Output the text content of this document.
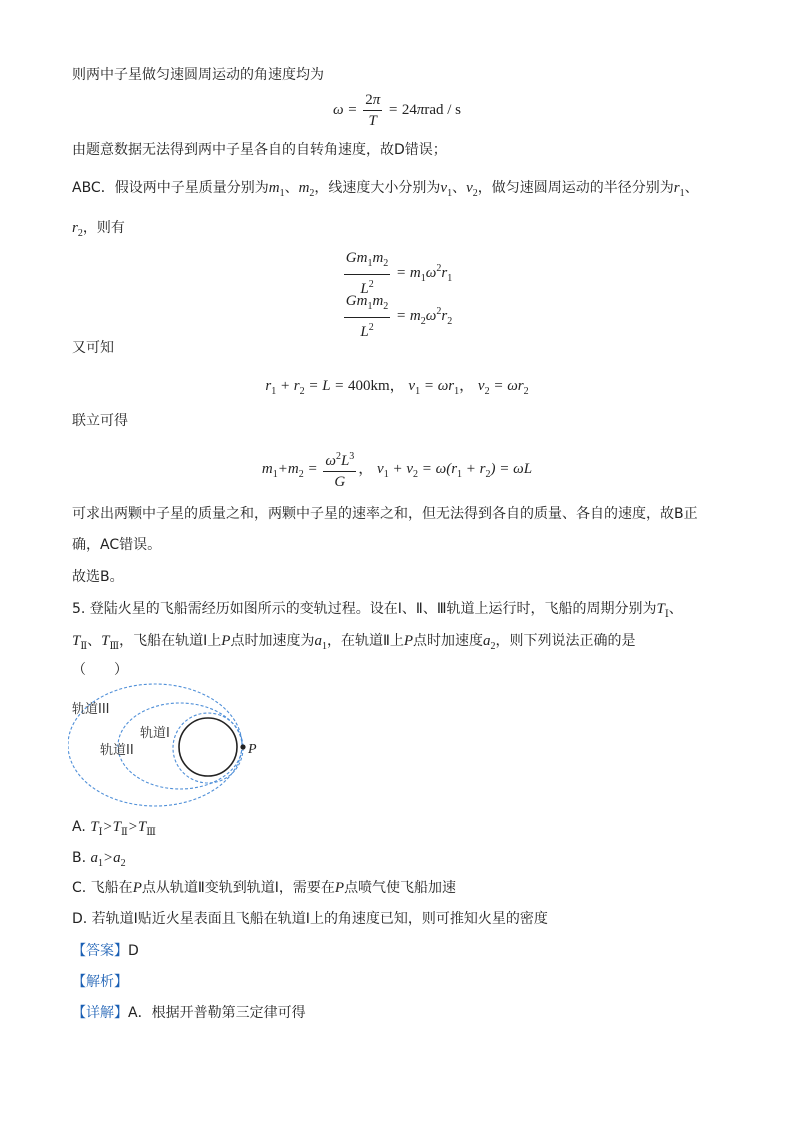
则两中子星做匀速圆周运动的角速度均为
$\omega = \frac{2\pi}{T} = 24\pi rad / s$
由题意数据无法得到两中子星各自的自转角速度，故D错误；
ABC．假设两中子星质量分别为$m_1$、$m_2$，线速度大小分别为$v_1$、$v_2$，做匀速圆周运动的半径分别为$r_1$、
$r_2$，则有
$\frac{Gm_1m_2}{L^2} = m_1\omega^2r_1$
$\frac{Gm_1m_2}{L^2} = m_2\omega^2r_2$
又可知
$r_1 + r_2 = L = 400km$， $v_1 = \omega r_1$， $v_2 = \omega r_2$
联立可得
$m_1+m_2 = \frac{\omega^2L^3}{G}$ ， $v_1 + v_2 = \omega(r_1 + r_2) = \omega L$
可求出两颗中子星的质量之和，两颗中子星的速率之和，但无法得到各自的质量、各自的速度，故B正
确，AC错误。
故选B。
5. 登陆火星的飞船需经历如图所示的变轨过程。设在Ⅰ、Ⅱ、Ⅲ轨道上运行时，飞船的周期分别为$T_Ⅰ$、
$T_Ⅱ$、$T_Ⅲ$，飞船在轨道Ⅰ上P点时加速度为$a_1$，在轨道Ⅱ上P点时加速度$a_2$，则下列说法正确的是
（　　）
轨道III
轨道II
轨道I
P
A. $T_Ⅰ>T_Ⅱ>T_Ⅲ$
B. $a_1>a_2$
C. 飞船在P点从轨道Ⅱ变轨到轨道Ⅰ，需要在P点喷气使飞船加速
D. 若轨道Ⅰ贴近火星表面且飞船在轨道Ⅰ上的角速度已知，则可推知火星的密度
【答案】D
【解析】
【详解】A．根据开普勒第三定律可得
